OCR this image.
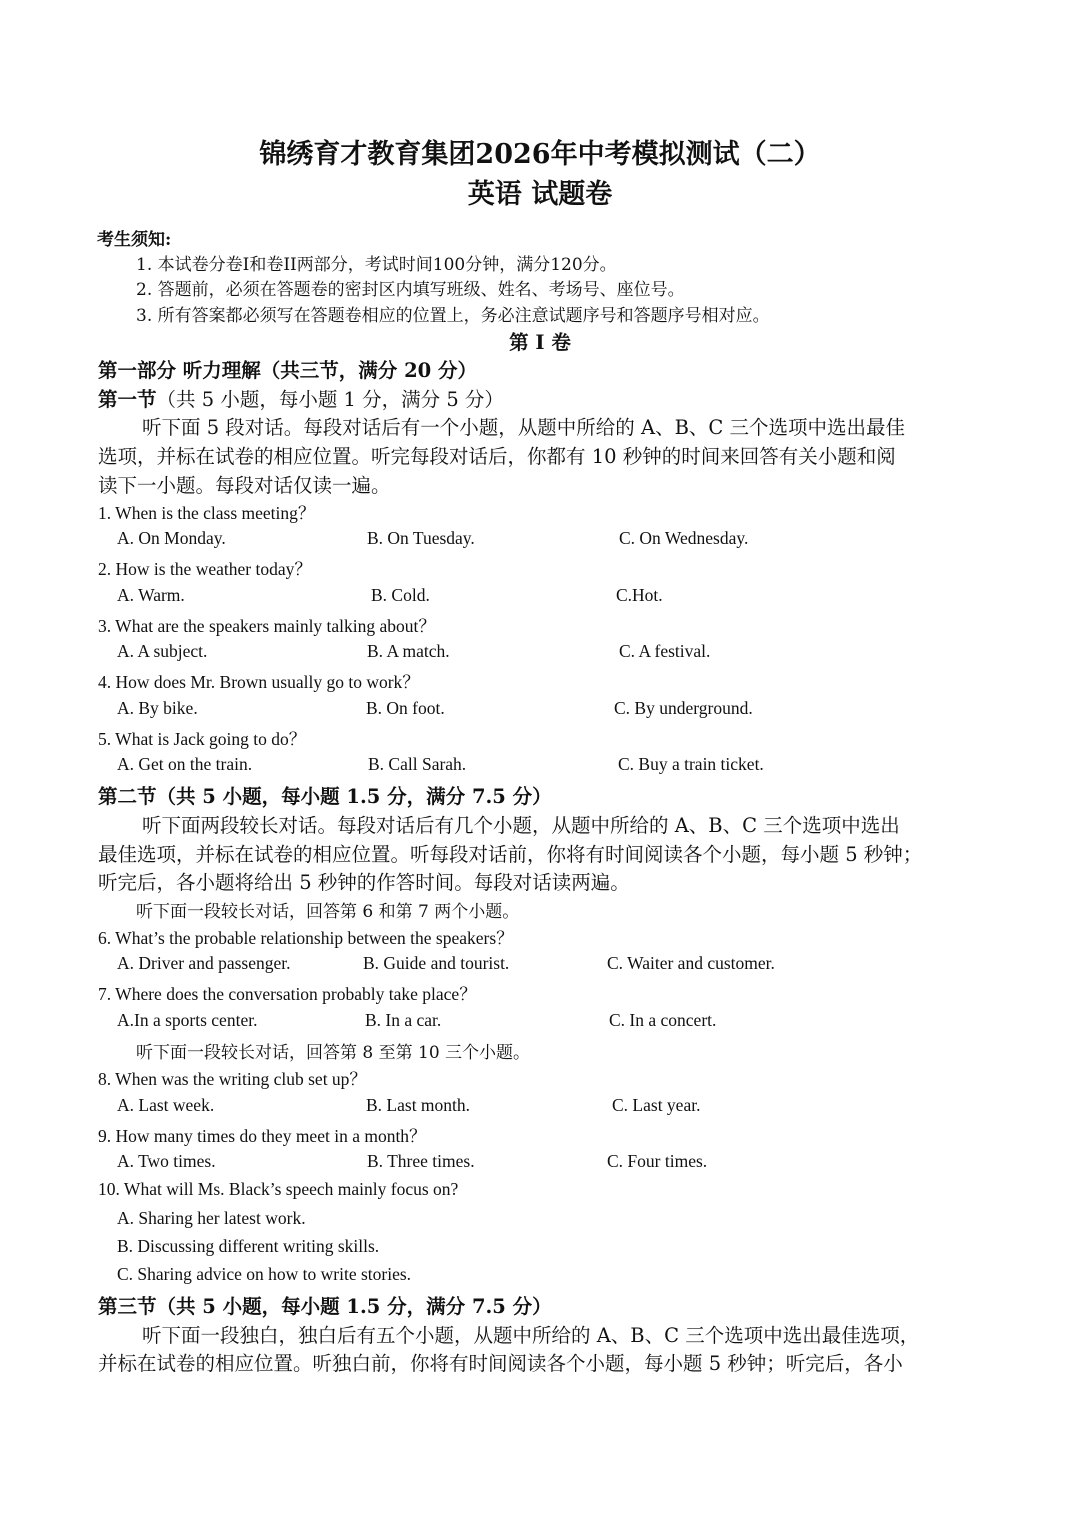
锦绣育才教育集团2026年中考模拟测试（二）
英语 试题卷
考生须知:
1. 本试卷分卷I和卷II两部分，考试时间100分钟，满分120分。
2. 答题前，必须在答题卷的密封区内填写班级、姓名、考场号、座位号。
3. 所有答案都必须写在答题卷相应的位置上，务必注意试题序号和答题序号相对应。
第 I 卷
第一部分 听力理解（共三节，满分 20 分）
第一节（共 5 小题，每小题 1 分，满分 5 分）
听下面 5 段对话。每段对话后有一个小题，从题中所给的 A、B、C 三个选项中选出最佳
选项，并标在试卷的相应位置。听完每段对话后，你都有 10 秒钟的时间来回答有关小题和阅
读下一小题。每段对话仅读一遍。
1. When is the class meeting？
A. On Monday.	B. On Tuesday.	C. On Wednesday.
2. How is the weather today？
A. Warm.	B. Cold.	C.Hot.
3. What are the speakers mainly talking about？
A. A subject.	B. A match.	C. A festival.
4. How does Mr. Brown usually go to work？
A. By bike.	B. On foot.	C. By underground.
5. What is Jack going to do？
A. Get on the train.	B. Call Sarah.	C. Buy a train ticket.
第二节（共 5 小题，每小题 1.5 分，满分 7.5 分）
听下面两段较长对话。每段对话后有几个小题，从题中所给的 A、B、C 三个选项中选出
最佳选项，并标在试卷的相应位置。听每段对话前，你将有时间阅读各个小题，每小题 5 秒钟；
听完后，各小题将给出 5 秒钟的作答时间。每段对话读两遍。
听下面一段较长对话，回答第 6 和第 7 两个小题。
6. What’s the probable relationship between the speakers？
A. Driver and passenger.	B. Guide and tourist.	C. Waiter and customer.
7. Where does the conversation probably take place？
A.In a sports center.	B. In a car.	C. In a concert.
听下面一段较长对话，回答第 8 至第 10 三个小题。
8. When was the writing club set up？
A. Last week.	B. Last month.	C. Last year.
9. How many times do they meet in a month？
A. Two times.	B. Three times.	C. Four times.
10. What will Ms. Black’s speech mainly focus on?
A. Sharing her latest work.
B. Discussing different writing skills.
C. Sharing advice on how to write stories.
第三节（共 5 小题，每小题 1.5 分，满分 7.5 分）
听下面一段独白，独白后有五个小题，从题中所给的 A、B、C 三个选项中选出最佳选项，
并标在试卷的相应位置。听独白前，你将有时间阅读各个小题，每小题 5 秒钟；听完后，各小
